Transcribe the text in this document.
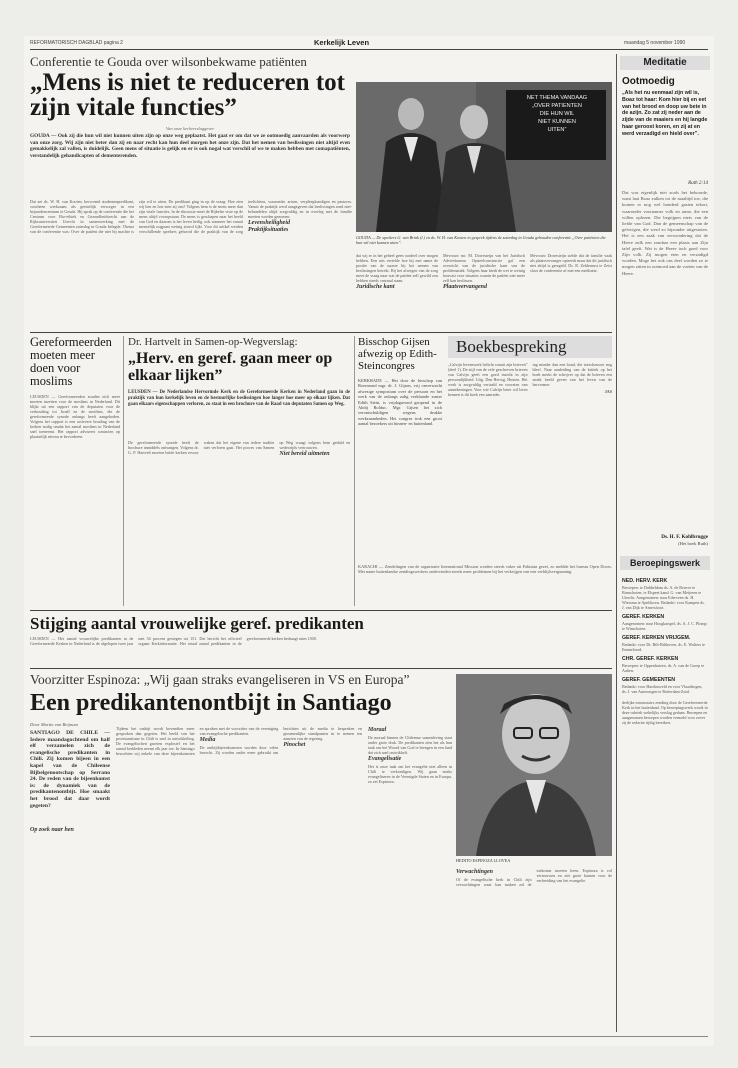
REFORMATORISCH DAGBLAD pagina 2	Kerkelijk Leven	maandag 5 november 1990
Conferentie te Gouda over wilsonbekwame patiënten
„Mens is niet te reduceren tot zijn vitale functies”
Van onze kerkverslaggever
GOUDA — Ook zij die hun wil niet kunnen uiten zijn op onze weg geplaatst. Het gaat er om dat we ze ootmoedig aanvaarden als voorwerp van onze zorg. Wij zijn niet beter dan zij en naar recht kan hun deel morgen het onze zijn. Dat het nemen van beslissingen niet altijd even gemakkelijk zal vallen, is duidelijk. Geen mens of situatie is gelijk en er is ook nogal wat verschil of we te maken hebben met comapatiënten, verstandelijk gehandicapten of dementerenden.

Dat zei ds. W. H. van Kooten, hervormd studentenpredikant, voorheen werkzaam als geestelijk verzorger in een bejaardencentrum te Gouda. Hij sprak op de conferentie die het Centrum voor Bio-ethiek en Gezondheidsrecht aan de Rijksuniversiteit Utrecht in samenwerking met de Gereformeerde Gemeenten zaterdag in Gouda belegde. Thema van de conferentie was: Over de patiënt die niet bij machte is zijn wil te uiten. De predikant ging in op de vraag: Hoe zien wij hen en hoe zien zij ons? Volgens hem is de mens meer dan zijn vitale functies. In de discussie moet de Bijbelse visie op de mens altijd vooropstaan. De mens is geschapen naar het beeld van God en daarom is het leven heilig, ook wanneer het vanuit menselijk oogpunt weinig zinvol lijkt. Voor dit artikel werden verschillende sprekers gehoord die de praktijk van de zorg toelichtten, waaronder artsen, verpleegkundigen en pastores. Vanuit de praktijk werd aangegeven dat beslissingen rond niet-behandelen altijd zorgvuldig en in overleg met de familie moeten worden genomen.

Levensheiligheid

Praktijksituaties
NET THEMA VANDAAG
„OVER PATIENTEN
DIE HUN WIL
NIET KUNNEN
UITEN”
GOUDA — De sprekers G. van Brink (l.) en ds. W. H. van Kooten in gesprek tijdens de zaterdag in Gouda gehouden conferentie „Over patiënten die hun wil niet kunnen uiten”.

dat wij er in het geheel geen oordeel over mogen hebben. Een arts vertelde hoe hij met name de positie van de naaste bij het nemen van beslissingen betrekt. Bij het afwegen van de zorg moet de vraag naar wat de patiënt zelf gewild zou hebben steeds centraal staan.

Juridische kant

Mevrouw mr. M. Dorresteijn van het Juridisch Adviesbureau Opsteelconstructie gaf een overzicht van de juridische kant van de problematiek. Volgens haar biedt de wet te weinig houvast voor situaties waarin de patiënt niet meer zelf kan beslissen.

Plaatsvervangend

Mevrouw Dorresteijn stelde dat de familie vaak als plaatsvervanger optreedt maar dat dit juridisch niet altijd is geregeld. Ds. R. Zeldenrust te Zeist sloot de conferentie af met een meditatie.

Meditatie
Ootmoedig
„Als het nu eenmaal zijn wil is, Boaz tot haar: Kom hier bij en eet van het brood en doop uw bete in de azijn. Zo zat zij neder aan de zijde van de maaiers en hij langde haar geroost koren, en zij at en werd verzadigd en hield over”.
Ruth 2:14
Dat was eigenlijk niet zoals het behoorde, want laat Boaz zulken tot de maaltijd toe, die komen er nog wel honderd gasten tekort, waaronder voornamer volk en arme, die een willen oplezen. Die begrijpen niets van de liefde van God. Dan de gemeenschap van de gelovigen, die werd zo bijzonder uitgestoten. Het is een zaak van verwondering dat de Heere zulk een zondaar een plaats aan Zijn tafel geeft. Wat is de Heere toch goed voor Zijn volk. Zij mogen eten en verzadigd worden. Moge het ook ons deel worden zo te mogen zitten in ootmoed aan de voeten van de Heere.
Ds. H. F. Kohlbrugge
(Het boek Ruth)
Beroepingswerk
NED. HERV. KERK

Beroepen: te Dubbeldam ds. A. de Reuver te Bunschoten; te Elspeet kand. G. van Meijeren te Utrecht. Aangenomen: naar Ederveen ds. H. Wiersma te Apeldoorn. Bedankt: voor Kampen ds. J. van Dijk te Amersfoort.

GEREF. KERKEN

Aangenomen: naar Hoogkarspel, ds. A. J. C. Plomp te Winschoten.

GEREF. KERKEN VRIJGEM.

Bedankt: voor Dr. Bilt-Bilthoven, ds. E. Wolters te Emmeloord.

CHR. GEREF. KERKEN

Beroepen: te Oppenhuizen, ds. A. van de Groep te Aalten.

GEREF. GEMEENTEN

Bedankt: voor Hardinxveld en voor Vlaardingen, ds. J. van Amerongen te Rotterdam-Zuid.

derlijke missionaire zending door de Gereformeerde Kerk in het buitenland. Op beroepingswerk wordt in deze rubriek wekelijks verslag gedaan. Beroepen en aangenomen beroepen worden vermeld voor zover zij de redactie tijdig bereiken.

Gereformeerden moeten meer doen voor moslims
LEUSDEN — Gereformeerden zouden zich meer moeten inzetten voor de moslims in Nederland. Dit blijkt uit een rapport van de deputaten voor de verhouding tot Israël en de moslims, die de gereformeerde synode onlangs heeft aangeboden. Volgens het rapport is een actievere houding van de kerken nodig omdat het aantal moslims in Nederland snel toeneemt. Het rapport adviseert contacten op plaatselijk niveau te bevorderen.
Dr. Hartvelt in Samen-op-Wegverslag:
„Herv. en geref. gaan meer op elkaar lijken”
LEUSDEN — De Nederlandse Hervormde Kerk en de Gereformeerde Kerken in Nederland gaan in de praktijk van hun kerkelijk leven en de bestuurlijke beslissingen hoe langer hoe meer op elkaar lijken. Dat gaan elkaars eigenschappen verloren, zo staat in een brochure van de Raad van deputaten Samen op Weg.

De gereformeerde synode heeft de brochure inmiddels ontvangen. Volgens dr. G. P. Hartvelt moeten beide kerken ervoor waken dat het eigene van iedere traditie niet verloren gaat. Het proces van Samen op Weg vraagt volgens hem geduld en wederzijds vertrouwen.

Niet bereid uitmeten
Bisschop Gijsen afwezig op Edith-Steincongres
KERKRADE — Het door de bisschop van Roermond mgr. dr. J. Gijsen, vrij onverwacht afwezige symposium over de persoon en het werk van de onlangs zalig verklaarde zuster Edith Stein, is vrijdagavond geopend in de Abdij Rolduc. Mgr. Gijsen liet zich verontschuldigen wegens drukke werkzaamheden. Het congres trok een groot aantal bezoekers uit binnen- en buitenland.
Boekbespreking

„Calvijn levenswerk belicht vanuit zijn brieven” (deel 1). De stijl van de vele geschreven brieven van Calvijn geeft een goed inzicht in zijn persoonlijkheid. Uitg. Den Hertog, Houten. Het werk is zorgvuldig vertaald en voorzien van aantekeningen. Voor wie Calvijn beter wil leren kennen is dit boek een aanrader.

ing minder dan een bond, die toeschouwer nog bleef. Naar aanleiding van de kritiek op het boek merkt de schrijver op dat de brieven een uniek beeld geven van het leven van de hervormer.

JAS

KARACHI — Zendelingen van de organisatie International Mission worden steeds vaker uit Pakistan gezet, zo meldde het bureau Open Doors. Met name buitenlandse zendingswerkers ondervinden steeds meer problemen bij het verkrijgen van een verblijfsvergunning.
Stijging aantal vrouwelijke geref. predikanten
LEUSDEN — Het aantal vrouwelijke predikanten in de Gereformeerde Kerken in Nederland is de afgelopen twee jaar met 54 procent gestegen tot 151. Dat bericht het officieel orgaan Kerkinformatie. Het totaal aantal predikanten in de gereformeerde kerken bedraagt ruim 1500.
Voorzitter Espinoza: „Wij gaan straks evangeliseren in VS en Europa”
Een predikantenontbijt in Santiago
Door Martin van Beijnum
SANTIAGO DE CHILE — Iedere maandagochtend om half elf verzamelen zich de evangelische predikanten in Chili. Zij komen bijeen in een kapel van de Chileense Bijbelgenootschap op Serrano 24. De reden van de bijeenkomst is: de dynamiek van de predikantenontbijt. Hoe smaakt het brood dat daar wordt gegeten?
Op zoek naar hen

Tijdens het ontbijt wordt bovendien meer gesproken dan gegeten. Het beeld van het protestantisme in Chili is snel in ontwikkeling. De evangelischen groeien explosief en het aantal kerkleden neemt elk jaar toe. In Santiago bezochten wij enkele van deze bijeenkomsten en spraken met de voorzitter van de vereniging van evangelische predikanten.

Media

De ontbijtbijeenkomsten worden door velen bezocht. Zij worden onder meer gebruikt om berichten uit de media te bespreken en gezamenlijke standpunten in te nemen ten aanzien van de regering.

Pinochet
Moraal

De moraal binnen de Chileense samenleving staat onder grote druk. De predikanten zien het als hun taak om het Woord van God te brengen in een land dat zich snel ontwikkelt.

Evangelisatie

Het is onze taak om het evangelie niet alleen in Chili te verkondigen. Wij gaan straks evangeliseren in de Verenigde Staten en in Europa, zo zei Espinoza.

HEDITO ESPINOZA LLOVEA
Verwachtingen

Of de evangelische kerk in Chili zijn verwachtingen waar kan maken zal de toekomst moeten leren. Espinoza is vol vertrouwen en ziet grote kansen voor de verbreiding van het evangelie.
